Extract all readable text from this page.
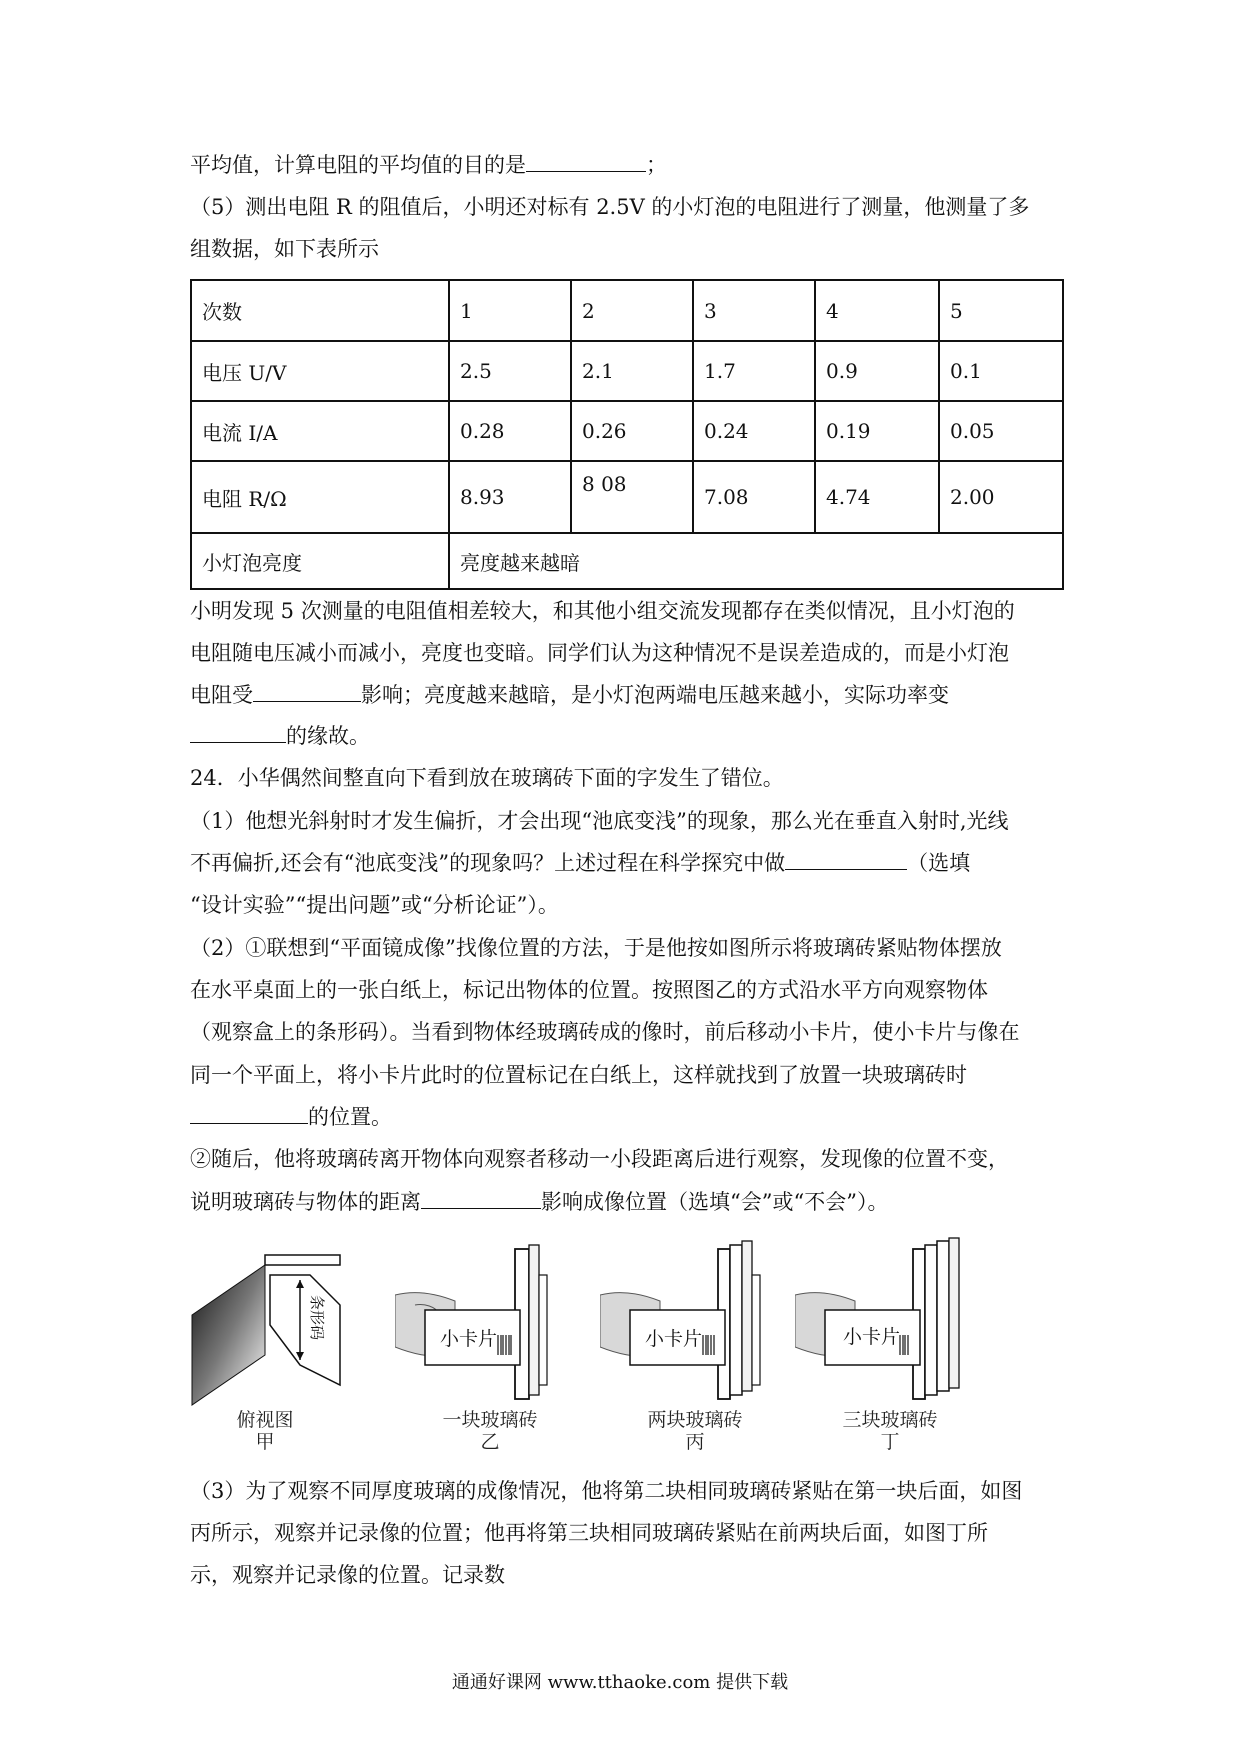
平均值，计算电阻的平均值的目的是	；
（5）测出电阻 R 的阻值后，小明还对标有 2.5V 的小灯泡的电阻进行了测量，他测量了多
组数据，如下表所示
次数	1	2	3	4	5
电压 U/V	2.5	2.1	1.7	0.9	0.1
电流 I/A	0.28	0.26	0.24	0.19	0.05
电阻 R/Ω	8.93	8 08	7.08	4.74	2.00
小灯泡亮度	亮度越来越暗				
小明发现 5 次测量的电阻值相差较大，和其他小组交流发现都存在类似情况，且小灯泡的
电阻随电压减小而减小，亮度也变暗。同学们认为这种情况不是误差造成的，而是小灯泡
电阻受	影响；亮度越来越暗，是小灯泡两端电压越来越小，实际功率变
的缘故。
24．小华偶然间整直向下看到放在玻璃砖下面的字发生了错位。
（1）他想光斜射时才发生偏折，才会出现“池底变浅”的现象，那么光在垂直入射时,光线
不再偏折,还会有“池底变浅”的现象吗？上述过程在科学探究中做	（选填
“设计实验”“提出问题”或“分析论证”）。
（2）①联想到“平面镜成像”找像位置的方法，于是他按如图所示将玻璃砖紧贴物体摆放
在水平桌面上的一张白纸上，标记出物体的位置。按照图乙的方式沿水平方向观察物体
（观察盒上的条形码）。当看到物体经玻璃砖成的像时，前后移动小卡片，使小卡片与像在
同一个平面上，将小卡片此时的位置标记在白纸上，这样就找到了放置一块玻璃砖时
的位置。
②随后，他将玻璃砖离开物体向观察者移动一小段距离后进行观察，发现像的位置不变，
说明玻璃砖与物体的距离	影响成像位置（选填“会”或“不会”）。
条形码
俯视图
甲
小卡片
一块玻璃砖
乙
小卡片
两块玻璃砖
丙
小卡片
三块玻璃砖
丁
（3）为了观察不同厚度玻璃的成像情况，他将第二块相同玻璃砖紧贴在第一块后面，如图
丙所示，观察并记录像的位置；他再将第三块相同玻璃砖紧贴在前两块后面，如图丁所
示，观察并记录像的位置。记录数
通通好课网 www.tthaoke.com 提供下载
